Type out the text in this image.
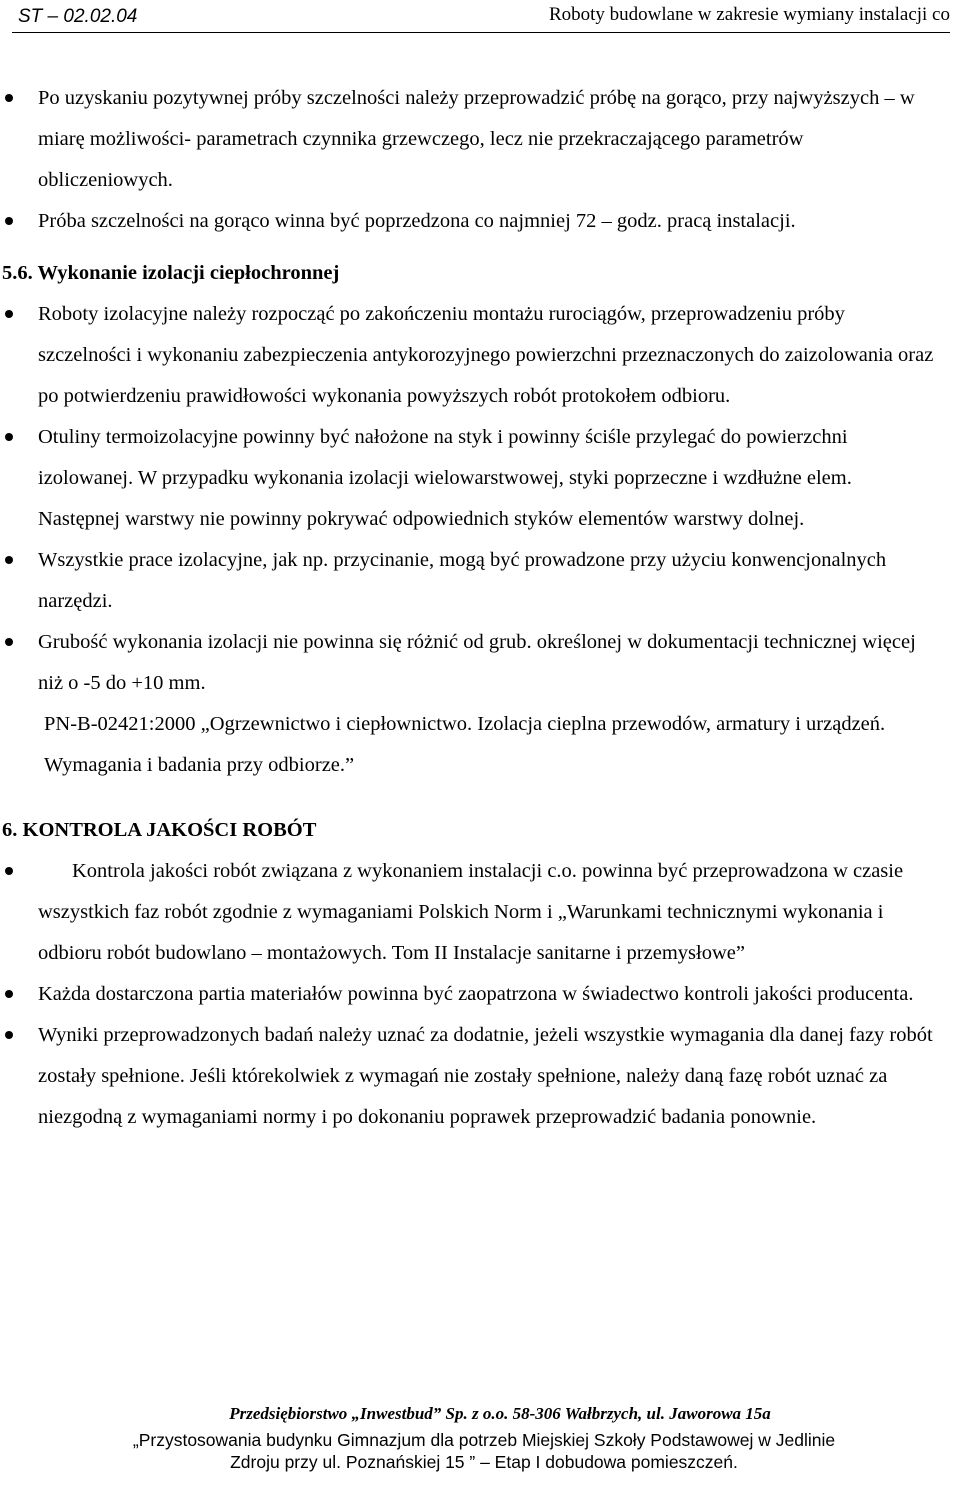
ST – 02.02.04	Roboty budowlane w zakresie wymiany instalacji co
Po uzyskaniu pozytywnej próby szczelności należy przeprowadzić próbę na gorąco, przy najwyższych – w miarę możliwości- parametrach czynnika grzewczego, lecz nie przekraczającego parametrów obliczeniowych.
Próba szczelności na gorąco winna być poprzedzona co najmniej 72 – godz. pracą instalacji.
5.6. Wykonanie izolacji ciepłochronnej
Roboty izolacyjne należy rozpocząć po zakończeniu montażu rurociągów, przeprowadzeniu próby szczelności i wykonaniu zabezpieczenia antykorozyjnego powierzchni przeznaczonych do zaizolowania oraz po potwierdzeniu prawidłowości wykonania powyższych robót protokołem odbioru.
Otuliny termoizolacyjne powinny być nałożone na styk i powinny ściśle przylegać do powierzchni izolowanej. W przypadku wykonania izolacji wielowarstwowej, styki poprzeczne i wzdłużne elem. Następnej warstwy nie powinny pokrywać odpowiednich styków elementów warstwy dolnej.
Wszystkie prace izolacyjne, jak np. przycinanie, mogą być prowadzone przy użyciu konwencjonalnych narzędzi.
Grubość wykonania izolacji nie powinna się różnić od grub. określonej w dokumentacji technicznej więcej niż o -5 do +10 mm.
PN-B-02421:2000 „Ogrzewnictwo i ciepłownictwo. Izolacja cieplna przewodów, armatury i urządzeń. Wymagania i badania przy odbiorze.”
6. KONTROLA JAKOŚCI ROBÓT
Kontrola jakości robót związana z wykonaniem instalacji c.o. powinna być przeprowadzona w czasie wszystkich faz robót zgodnie z wymaganiami Polskich Norm i „Warunkami technicznymi wykonania i odbioru robót budowlano – montażowych. Tom II Instalacje sanitarne i przemysłowe”
Każda dostarczona partia materiałów powinna być zaopatrzona w świadectwo kontroli jakości producenta.
Wyniki przeprowadzonych badań należy uznać za dodatnie, jeżeli wszystkie wymagania dla danej fazy robót zostały spełnione. Jeśli którekolwiek z wymagań nie zostały spełnione, należy daną fazę robót uznać za niezgodną z wymaganiami normy i po dokonaniu poprawek przeprowadzić badania ponownie.
Przedsiębiorstwo „Inwestbud” Sp. z o.o. 58-306 Wałbrzych, ul. Jaworowa 15a
„Przystosowania budynku Gimnazjum dla potrzeb Miejskiej Szkoły Podstawowej w Jedlinie
Zdroju przy ul. Poznańskiej 15 ” – Etap I dobudowa pomieszczeń.
